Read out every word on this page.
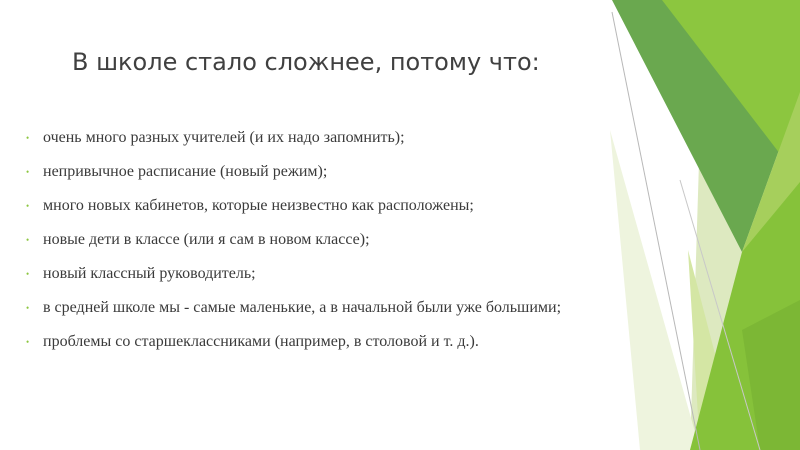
В школе стало сложнее, потому что:
• очень много разных учителей (и их надо запомнить);
• непривычное расписание (новый режим);
• много новых кабинетов, которые неизвестно как расположены;
• новые дети в классе (или я сам в новом классе);
• новый классный руководитель;
• в средней школе мы - самые маленькие, а в начальной были уже большими;
• проблемы со старшеклассниками (например, в столовой и т. д.).
